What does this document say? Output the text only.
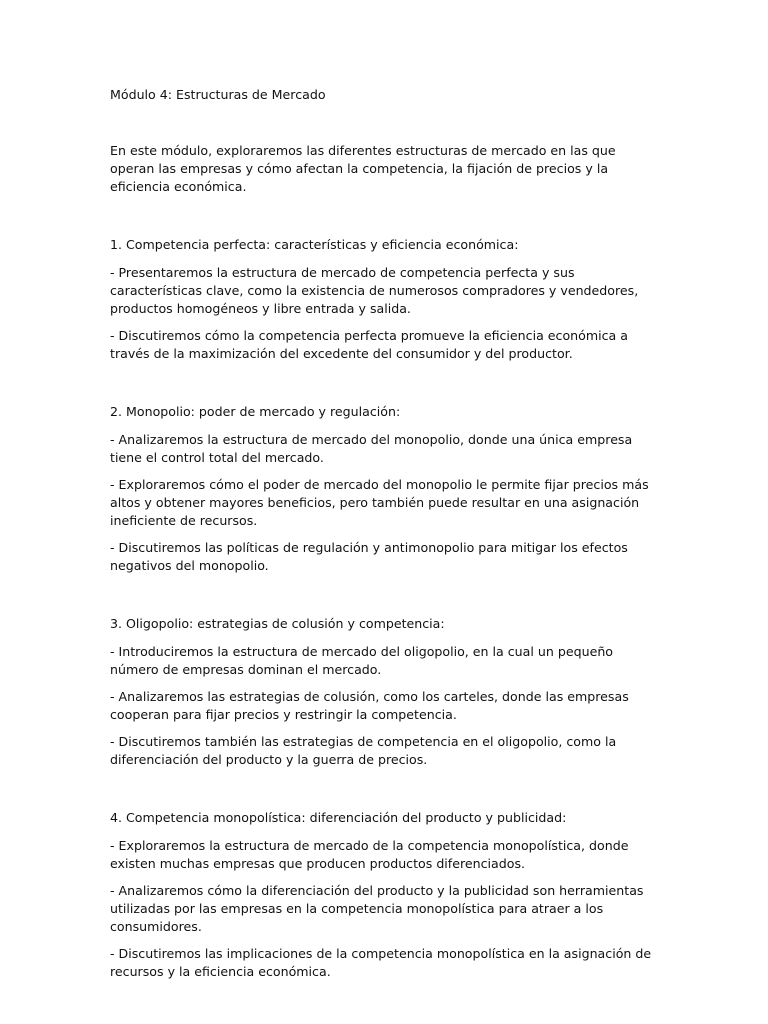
Módulo 4: Estructuras de Mercado

En este módulo, exploraremos las diferentes estructuras de mercado en las que operan las empresas y cómo afectan la competencia, la fijación de precios y la eficiencia económica.

1. Competencia perfecta: características y eficiencia económica:

- Presentaremos la estructura de mercado de competencia perfecta y sus características clave, como la existencia de numerosos compradores y vendedores, productos homogéneos y libre entrada y salida.

- Discutiremos cómo la competencia perfecta promueve la eficiencia económica a través de la maximización del excedente del consumidor y del productor.

2. Monopolio: poder de mercado y regulación:

- Analizaremos la estructura de mercado del monopolio, donde una única empresa tiene el control total del mercado.

- Exploraremos cómo el poder de mercado del monopolio le permite fijar precios más altos y obtener mayores beneficios, pero también puede resultar en una asignación ineficiente de recursos.

- Discutiremos las políticas de regulación y antimonopolio para mitigar los efectos negativos del monopolio.

3. Oligopolio: estrategias de colusión y competencia:

- Introduciremos la estructura de mercado del oligopolio, en la cual un pequeño número de empresas dominan el mercado.

- Analizaremos las estrategias de colusión, como los carteles, donde las empresas cooperan para fijar precios y restringir la competencia.

- Discutiremos también las estrategias de competencia en el oligopolio, como la diferenciación del producto y la guerra de precios.

4. Competencia monopolística: diferenciación del producto y publicidad:

- Exploraremos la estructura de mercado de la competencia monopolística, donde existen muchas empresas que producen productos diferenciados.

- Analizaremos cómo la diferenciación del producto y la publicidad son herramientas utilizadas por las empresas en la competencia monopolística para atraer a los consumidores.

- Discutiremos las implicaciones de la competencia monopolística en la asignación de recursos y la eficiencia económica.
